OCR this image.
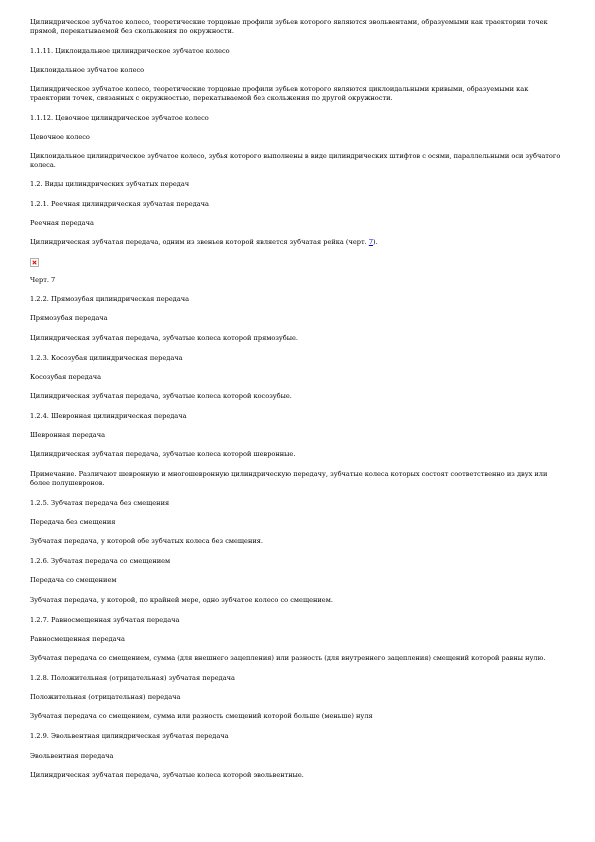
Цилиндрическое зубчатое колесо, теоретические торцовые профили зубьев которого являются эвольвентами, образуемыми как траектории точек прямой, перекатываемой без скольжения по окружности.

1.1.11. Циклоидальное цилиндрическое зубчатое колесо

Циклоидальное зубчатое колесо

Цилиндрическое зубчатое колесо, теоретические торцовые профили зубьев которого являются циклоидальными кривыми, образуемыми как траектории точек, связанных с окружностью, перекатываемой без скольжения по другой окружности.

1.1.12. Цевочное цилиндрическое зубчатое колесо

Цевочное колесо

Циклоидальное цилиндрическое зубчатое колесо, зубья которого выполнены в виде цилиндрических штифтов с осями, параллельными оси зубчатого колеса.

1.2. Виды цилиндрических зубчатых передач

1.2.1. Реечная цилиндрическая зубчатая передача

Реечная передача

Цилиндрическая зубчатая передача, одним из звеньев которой является зубчатая рейка (черт. 7).

Черт. 7

1.2.2. Прямозубая цилиндрическая передача

Прямозубая передача

Цилиндрическая зубчатая передача, зубчатые колеса которой прямозубые.

1.2.3. Косозубая цилиндрическая передача

Косозубая передача

Цилиндрическая зубчатая передача, зубчатые колеса которой косозубые.

1.2.4. Шевронная цилиндрическая передача

Шевронная передача

Цилиндрическая зубчатая передача, зубчатые колеса которой шевронные.

Примечание. Различают шевронную и многошевронную цилиндрическую передачу, зубчатые колеса которых состоят соответственно из двух или более полушевронов.

1.2.5. Зубчатая передача без смещения

Передача без смещения

Зубчатая передача, у которой обе зубчатых колеса без смещения.

1.2.6. Зубчатая передача со смещением

Передача со смещением

Зубчатая передача, у которой, по крайней мере, одно зубчатое колесо со смещением.

1.2.7. Равносмещенная зубчатая передача

Равносмещенная передача

Зубчатая передача со смещением, сумма (для внешнего зацепления) или разность (для внутреннего зацепления) смещений которой равны нулю.

1.2.8. Положительная (отрицательная) зубчатая передача

Положительная (отрицательная) передача

Зубчатая передача со смещением, сумма или разность смещений которой больше (меньше) нуля

1.2.9. Эвольвентная цилиндрическая зубчатая передача

Эвольвентная передача

Цилиндрическая зубчатая передача, зубчатые колеса которой эвольвентные.
